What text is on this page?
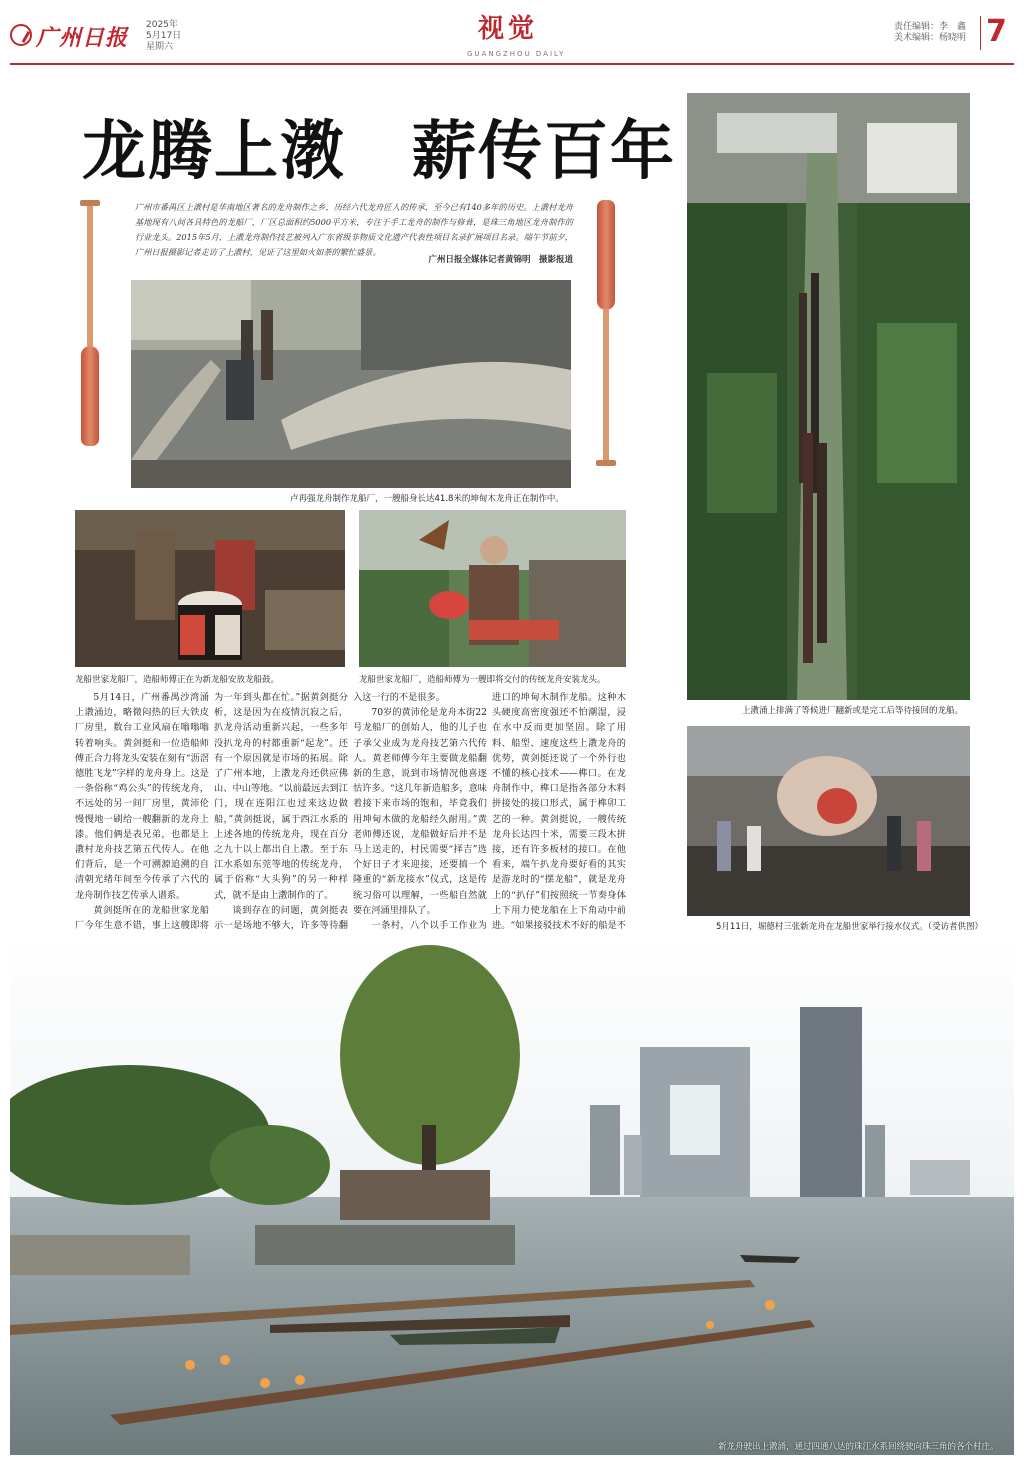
广州日报 2025年
5月17日
星期六
视觉
GUANGZHOU DAILY
责任编辑：李　鑫
美术编辑：杨晓明 7
龙腾上漖　薪传百年
广州市番禺区上漖村是华南地区著名的龙舟制作之乡，历经六代龙舟匠人的传承，至今已有140多年的历史。上漖村龙舟基地现有八间各具特色的龙船厂，厂区总面积约5000平方米，专注于手工龙舟的制作与修葺，是珠三角地区龙舟制作的行业龙头。2015年5月，上漖龙舟制作技艺被列入广东省级非物质文化遗产代表性项目名录扩展项目名录。端午节前夕，广州日报摄影记者走访了上漖村，见证了这里如火如荼的繁忙盛景。
广州日报全媒体记者黄锦明　摄影报道
卢再强龙舟制作龙船厂，一艘船身长达41.8米的坤甸木龙舟正在制作中。
龙船世家龙船厂，造船师傅正在为新龙船安放龙船鼓。	龙船世家龙船厂，造船师傅为一艘即将交付的传统龙舟安装龙头。
上漖涌上排满了等候进厂翻新或是完工后等待接回的龙船。
5月11日，堀德村三张新龙舟在龙船世家举行接水仪式。（受访者供图）

5月14日，广州番禺沙湾涌上漖涌边，略微闷热的巨大铁皮厂房里，数台工业风扇在嗡嗡嗡转着响头。黄剑挺和一位造船师傅正合力将龙头安装在刻有“沥滘德胜飞龙”字样的龙舟身上。这是一条俗称“鸡公头”的传统龙舟，不远处的另一间厂房里，黄沛伦慢慢地一刷给一艘翻新的龙舟上漆。他们俩是表兄弟，也都是上漖村龙舟技艺第五代传人。在他们背后，是一个可溯源追溯的自清朝光绪年间至今传承了六代的龙舟制作技艺传承人谱系。

黄剑挺所在的龙船世家龙船厂今年生意不错，事上这艘即将

为一年到头都在忙。”据黄剑挺分析，这是因为在疫情沉寂之后，扒龙舟活动重新兴起，一些多年没扒龙舟的村都重新“起龙”。还有一个原因就是市场的拓展。除了广州本地，上漖龙舟还供应佛山、中山等地。“以前最远去到江门，现在连阳江也过来这边做船，”黄剑挺说，属于西江水系的上述各地的传统龙舟，现在百分之九十以上都出自上漖。至于东江水系如东莞等地的传统龙舟，属于俗称“大头狗”的另一种样式，就不是由上漖制作的了。

谈到存在的问题，黄剑挺表示一是场地不够大，许多等待翻

入这一行的不是很多。

70岁的黄沛伦是龙舟本街22号龙船厂的创始人，他的儿子也子承父业成为龙舟技艺第六代传人。黄老师傅今年主要做龙船翻新的生意，说到市场情况他喜逐怙许多。“这几年新造船多，意味着接下来市场的饱和，毕竟我们用坤甸木做的龙船经久耐用。”黄老师傅还说，龙船做好后并不是马上送走的，村民需要“择吉”选个好日子才来迎接，还要搞一个隆重的“新龙接水”仪式，这是传统习俗可以理解，一些船自然就要在河涌里排队了。

一条村，八个以手工作业为

进口的坤甸木制作龙船。这种木头硬度高密度强还不怕潮湿，浸在水中反而更加坚固。除了用料、船型、速度这些上漖龙舟的优势，黄剑挺还说了一个外行也不懂的核心技术——榫口。在龙舟制作中，榫口是指各部分木料拼接处的接口形式，属于榫卯工艺的一种。黄剑挺说，一艘传统龙舟长达四十米，需要三段木拼接，还有许多板材的接口。在他看来，端午扒龙舟要好看的其实是游龙时的“摆龙船”，就是龙舟上的“扒仔”们按照统一节奏身体上下用力使龙船在上下角动中前进。“如果接驳技术不好的船是不

新龙舟驶出上漖涌，通过四通八达的珠江水系回绕驶向珠三角的各个村庄。
